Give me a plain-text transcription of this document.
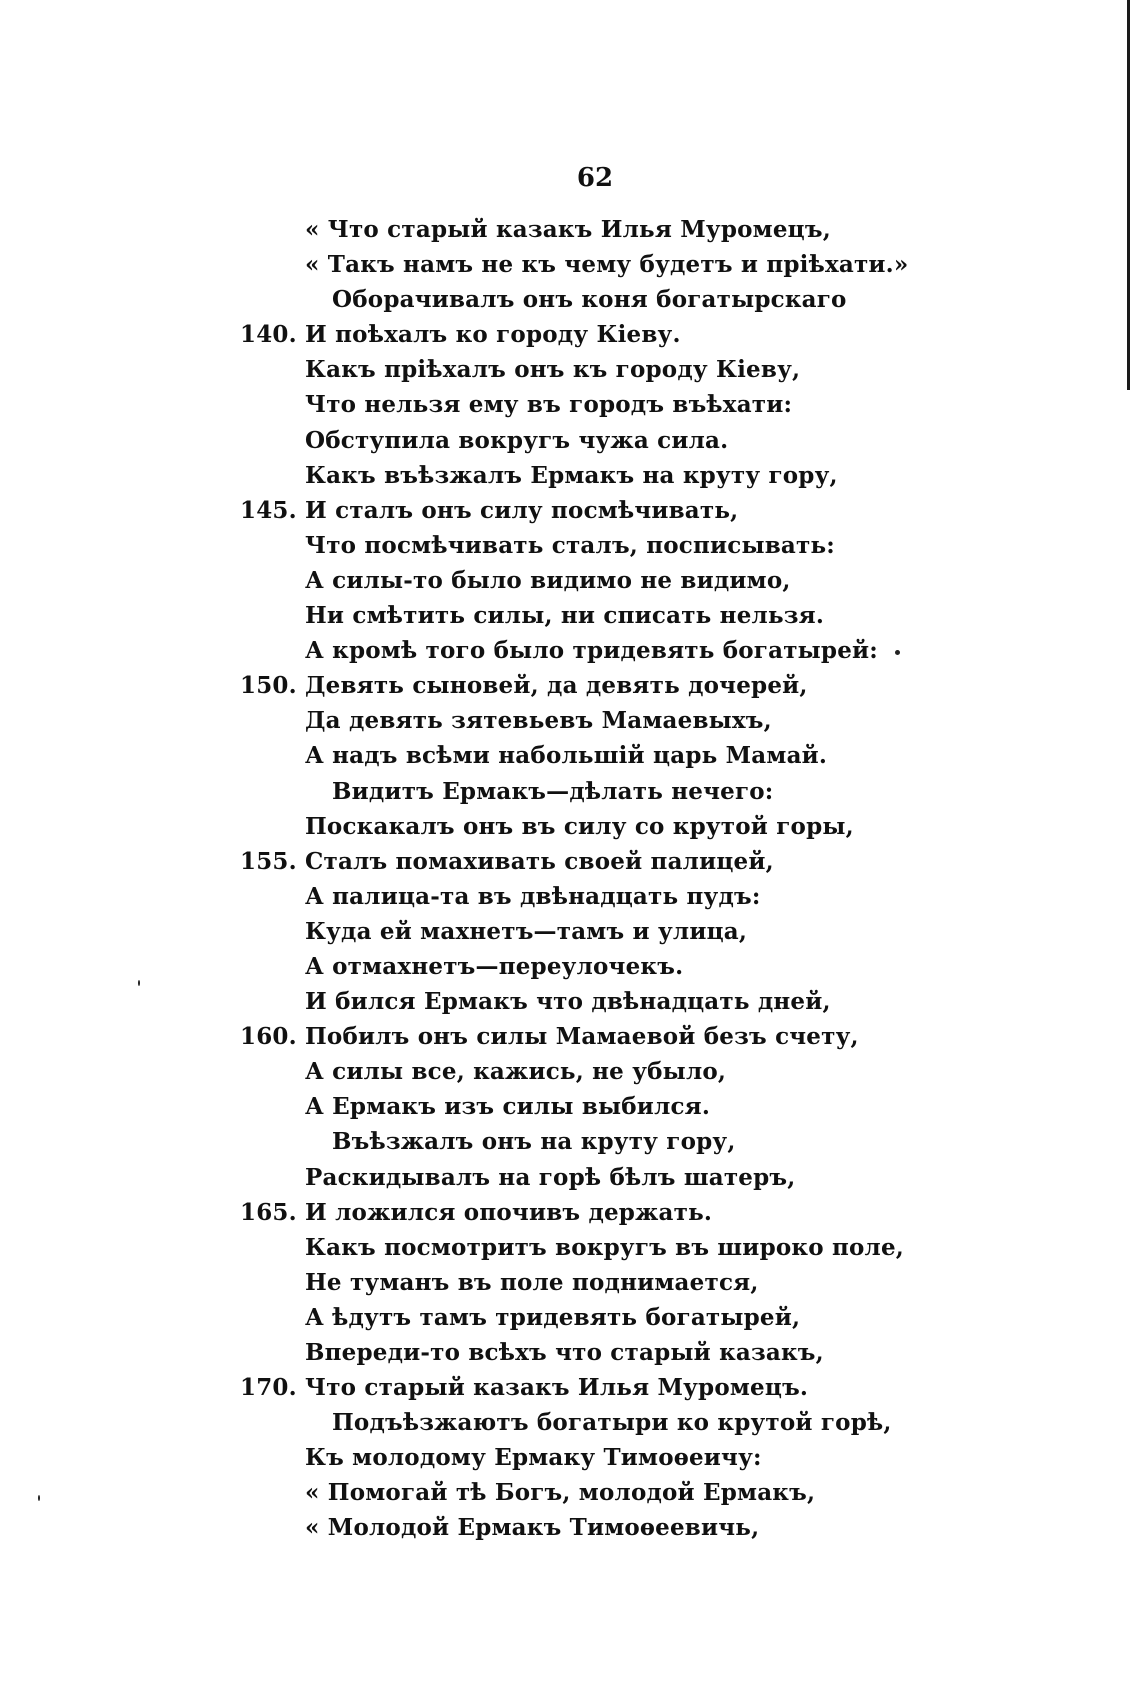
62
« Что старый казакъ Илья Муромецъ,
« Такъ намъ не къ чему будетъ и прiѣхати.»
Оборачивалъ онъ коня богатырскаго
140. И поѣхалъ ко городу Кiеву.
Какъ прiѣхалъ онъ къ городу Кiеву,
Что нельзя ему въ городъ въѣхати:
Обступила вокругъ чужа сила.
Какъ въѣзжалъ Ермакъ на круту гору,
145. И сталъ онъ силу посмѣчивать,
Что посмѣчивать сталъ, посписывать:
А силы-то было видимо не видимо,
Ни смѣтить силы, ни списать нельзя.
А кромѣ того было тридевять богатырей:
150. Девять сыновей, да девять дочерей,
Да девять зятевьевъ Мамаевыхъ,
А надъ всѣми набольшiй царь Мамай.
Видитъ Ермакъ—дѣлать нечего:
Поскакалъ онъ въ силу со крутой горы,
155. Сталъ помахивать своей палицей,
А палица-та въ двѣнадцать пудъ:
Куда ей махнетъ—тамъ и улица,
А отмахнетъ—переулочекъ.
И бился Ермакъ что двѣнадцать дней,
160. Побилъ онъ силы Мамаевой безъ счету,
А силы все, кажись, не убыло,
А Ермакъ изъ силы выбился.
Въѣзжалъ онъ на круту гору,
Раскидывалъ на горѣ бѣлъ шатеръ,
165. И ложился опочивъ держать.
Какъ посмотритъ вокругъ въ широко поле,
Не туманъ въ поле поднимается,
А ѣдутъ тамъ тридевять богатырей,
Впереди-то всѣхъ что старый казакъ,
170. Что старый казакъ Илья Муромецъ.
Подъѣзжаютъ богатыри ко крутой горѣ,
Къ молодому Ермаку Тимоѳеичу:
« Помогай тѣ Богъ, молодой Ермакъ,
« Молодой Ермакъ Тимоѳеевичь,
